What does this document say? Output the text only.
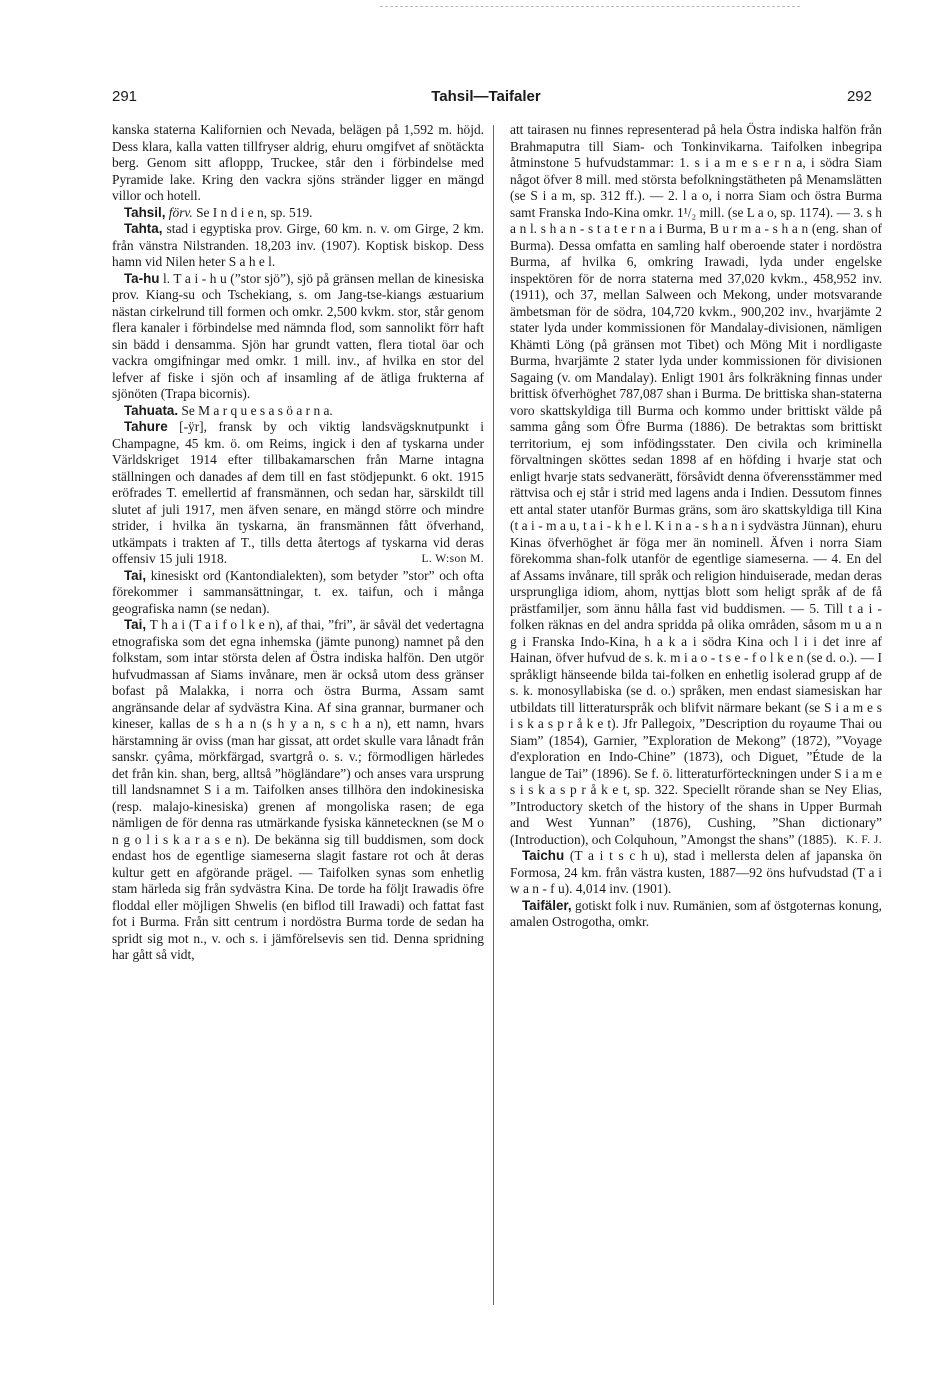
291	Tahsil—Taifaler	292

kanska staterna Kalifornien och Nevada, belägen på 1,592 m. höjd. Dess klara, kalla vatten tillfryser aldrig, ehuru omgifvet af snötäckta berg. Genom sitt afloppp, Truckee, står den i förbindelse med Pyramide lake. Kring den vackra sjöns stränder ligger en mängd villor och hotell.

Tahsil, förv. Se I n d i e n, sp. 519.

Tahta, stad i egyptiska prov. Girge, 60 km. n. v. om Girge, 2 km. från vänstra Nilstranden. 18,203 inv. (1907). Koptisk biskop. Dess hamn vid Nilen heter S a h e l.

Ta-hu l. T a i - h u (”stor sjö”), sjö på gränsen mellan de kinesiska prov. Kiang-su och Tschekiang, s. om Jang-tse-kiangs æstuarium nästan cirkelrund till formen och omkr. 2,500 kvkm. stor, står genom flera kanaler i förbindelse med nämnda flod, som sannolikt förr haft sin bädd i densamma. Sjön har grundt vatten, flera tiotal öar och vackra omgifningar med omkr. 1 mill. inv., af hvilka en stor del lefver af fiske i sjön och af insamling af de ätliga frukterna af sjönöten (Trapa bicornis).

Tahuata. Se M a r q u e s a s ö a r n a.

Tahure [-ÿr], fransk by och viktig landsvägsknutpunkt i Champagne, 45 km. ö. om Reims, ingick i den af tyskarna under Världskriget 1914 efter tillbakamarschen från Marne intagna ställningen och danades af dem till en fast stödjepunkt. 6 okt. 1915 eröfrades T. emellertid af fransmännen, och sedan har, särskildt till slutet af juli 1917, men äfven senare, en mängd större och mindre strider, i hvilka än tyskarna, än fransmännen fått öfverhand, utkämpats i trakten af T., tills detta återtogs af tyskarna vid deras offensiv 15 juli 1918.	L. W:son M.

Tai, kinesiskt ord (Kantondialekten), som betyder ”stor” och ofta förekommer i sammansättningar, t. ex. taifun, och i många geografiska namn (se nedan).

Tai, T h a i (T a i f o l k e n), af thai, ”fri”, är såväl det vedertagna etnografiska som det egna inhemska (jämte punong) namnet på den folkstam, som intar största delen af Östra indiska halfön. Den utgör hufvudmassan af Siams invånare, men är också utom dess gränser bofast på Malakka, i norra och östra Burma, Assam samt angränsande delar af sydvästra Kina. Af sina grannar, burmaner och kineser, kallas de s h a n (s h y a n, s c h a n), ett namn, hvars härstamning är oviss (man har gissat, att ordet skulle vara lånadt från sanskr. çyâma, mörkfärgad, svartgrå o. s. v.; förmodligen härledes det från kin. shan, berg, alltså ”högländare”) och anses vara ursprung till landsnamnet S i a m. Taifolken anses tillhöra den indokinesiska (resp. malajo-kinesiska) grenen af mongoliska rasen; de ega nämligen de för denna ras utmärkande fysiska kännetecknen (se M o n g o l i s k a r a s e n). De bekänna sig till buddismen, som dock endast hos de egentlige siameserna slagit fastare rot och åt deras kultur gett en afgörande prägel. — Taifolken synas som enhetlig stam härleda sig från sydvästra Kina. De torde ha följt Irawadis öfre floddal eller möjligen Shwelis (en biflod till Irawadi) och fattat fast fot i Burma. Från sitt centrum i nordöstra Burma torde de sedan ha spridt sig mot n., v. och s. i jämförelsevis sen tid. Denna spridning har gått så vidt,

att tairasen nu finnes representerad på hela Östra indiska halfön från Brahmaputra till Siam- och Tonkinvikarna. Taifolken inbegripa åtminstone 5 hufvudstammar: 1. s i a m e s e r n a, i södra Siam något öfver 8 mill. med största befolkningstätheten på Menamslätten (se S i a m, sp. 312 ff.). — 2. l a o, i norra Siam och östra Burma samt Franska Indo-Kina omkr. 1¹/₂ mill. (se L a o, sp. 1174). — 3. s h a n l. s h a n - s t a t e r n a i Burma, B u r m a - s h a n (eng. shan of Burma). Dessa omfatta en samling half oberoende stater i nordöstra Burma, af hvilka 6, omkring Irawadi, lyda under engelske inspektören för de norra staterna med 37,020 kvkm., 458,952 inv. (1911), och 37, mellan Salween och Mekong, under motsvarande ämbetsman för de södra, 104,720 kvkm., 900,202 inv., hvarjämte 2 stater lyda under kommissionen för Mandalay-divisionen, nämligen Khämti Löng (på gränsen mot Tibet) och Möng Mit i nordligaste Burma, hvarjämte 2 stater lyda under kommissionen för divisionen Sagaing (v. om Mandalay). Enligt 1901 års folkräkning finnas under brittisk öfverhöghet 787,087 shan i Burma. De brittiska shan-staterna voro skattskyldiga till Burma och kommo under brittiskt välde på samma gång som Öfre Burma (1886). De betraktas som brittiskt territorium, ej som infödingsstater. Den civila och kriminella förvaltningen sköttes sedan 1898 af en höfding i hvarje stat och enligt hvarje stats sedvanerätt, försåvidt denna öfverensstämmer med rättvisa och ej står i strid med lagens anda i Indien. Dessutom finnes ett antal stater utanför Burmas gräns, som äro skattskyldiga till Kina (t a i - m a u, t a i - k h e l. K i n a - s h a n i sydvästra Jünnan), ehuru Kinas öfverhöghet är föga mer än nominell. Äfven i norra Siam förekomma shan-folk utanför de egentlige siameserna. — 4. En del af Assams invånare, till språk och religion hinduiserade, medan deras ursprungliga idiom, ahom, nyttjas blott som heligt språk af de få prästfamiljer, som ännu hålla fast vid buddismen. — 5. Till t a i - folken räknas en del andra spridda på olika områden, såsom m u a n g i Franska Indo-Kina, h a k a i södra Kina och l i i det inre af Hainan, öfver hufvud de s. k. m i a o - t s e - f o l k e n (se d. o.). — I språkligt hänseende bilda tai-folken en enhetlig isolerad grupp af de s. k. monosyllabiska (se d. o.) språken, men endast siamesiskan har utbildats till litteraturspråk och blifvit närmare bekant (se S i a m e s i s k a s p r å k e t). Jfr Pallegoix, ”Description du royaume Thai ou Siam” (1854), Garnier, ”Exploration de Mekong” (1872), ”Voyage d'exploration en Indo-Chine” (1873), och Diguet, ”Étude de la langue de Tai” (1896). Se f. ö. litteraturförteckningen under S i a m e s i s k a s p r å k e t, sp. 322. Speciellt rörande shan se Ney Elias, ”Introductory sketch of the history of the shans in Upper Burmah and West Yunnan” (1876), Cushing, ”Shan dictionary” (Introduction), och Colquhoun, ”Amongst the shans” (1885). K. F. J.

Taichu (T a i t s c h u), stad i mellersta delen af japanska ön Formosa, 24 km. från västra kusten, 1887—92 öns hufvudstad (T a i w a n - f u). 4,014 inv. (1901).

Taifäler, gotiskt folk i nuv. Rumänien, som af östgoternas konung, amalen Ostrogotha, omkr.
